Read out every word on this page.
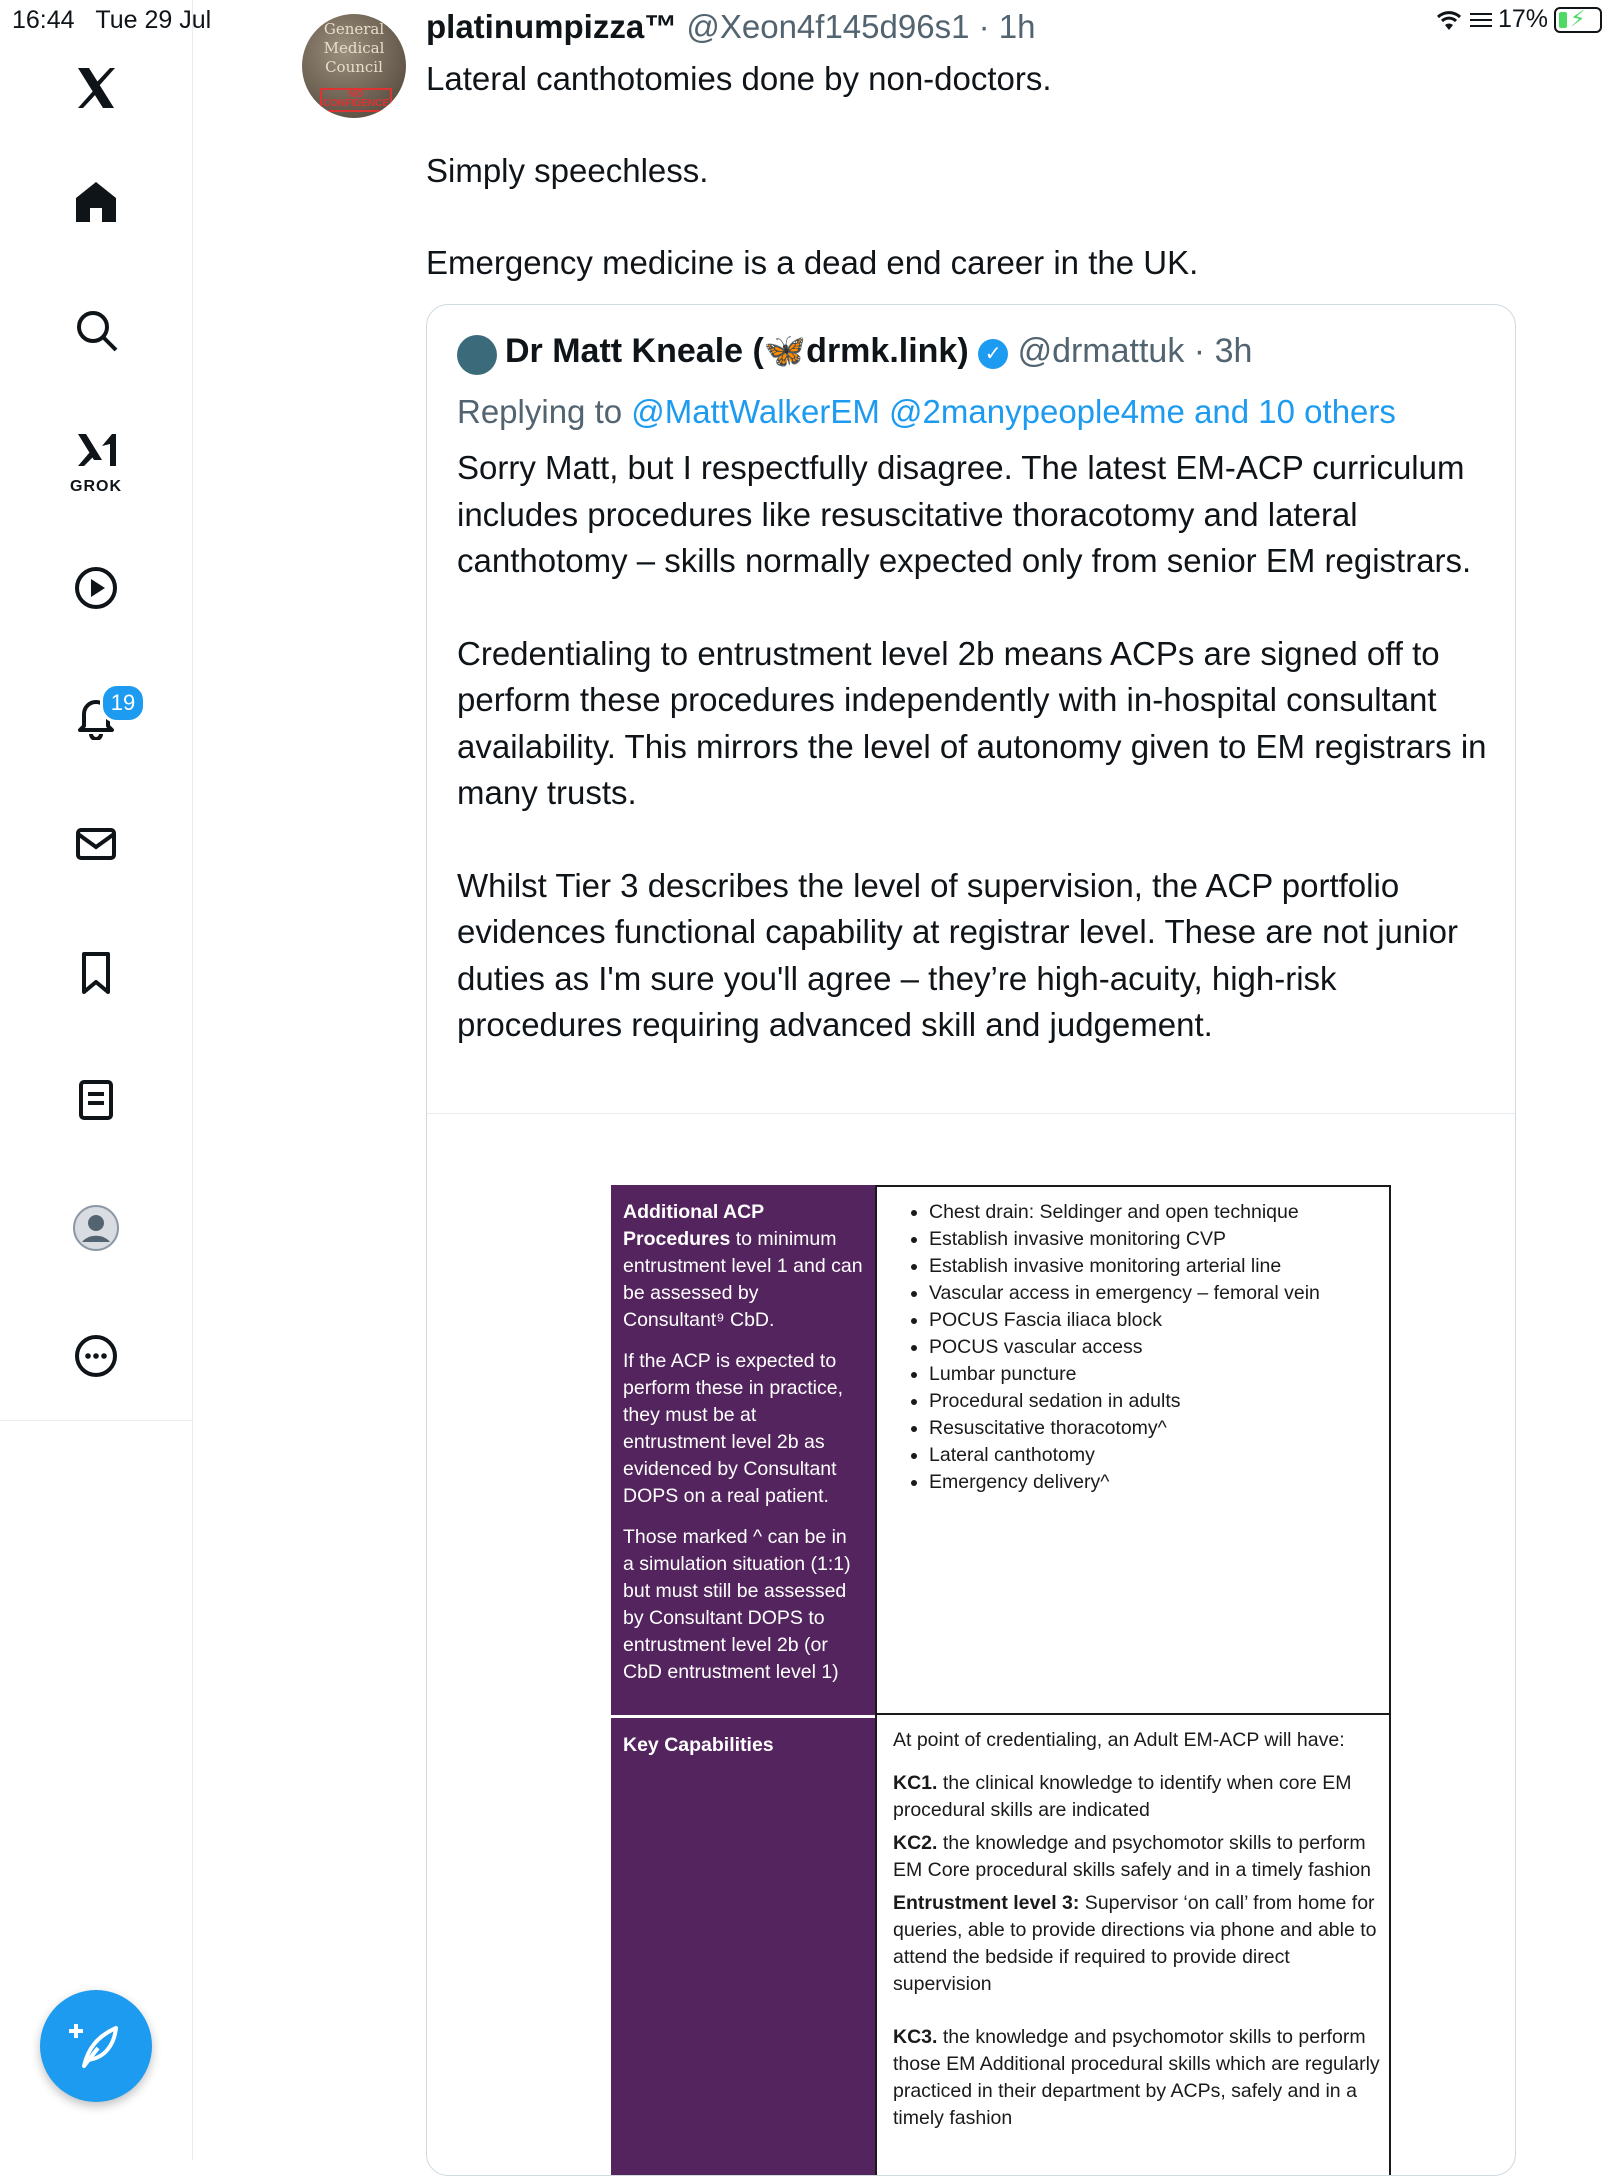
16:44 Tue 29 Jul	17% ⚡
GROK
19
General
Medical
Council
NO CONFIDENCE
platinumpizza™ @Xeon4f145d96s1 · 1h

Lateral canthotomies done by non-doctors.

Simply speechless.

Emergency medicine is a dead end career in the UK.

Dr Matt Kneale (🦋drmk.link) ✓ @drmattuk · 3h
Replying to @MattWalkerEM @2manypeople4me and 10 others

Sorry Matt, but I respectfully disagree. The latest EM-ACP curriculum includes procedures like resuscitative thoracotomy and lateral canthotomy – skills normally expected only from senior EM registrars.

Credentialing to entrustment level 2b means ACPs are signed off to perform these procedures independently with in-hospital consultant availability. This mirrors the level of autonomy given to EM registrars in many trusts.

Whilst Tier 3 describes the level of supervision, the ACP portfolio evidences functional capability at registrar level. These are not junior duties as I'm sure you'll agree – they’re high-acuity, high-risk procedures requiring advanced skill and judgement.

Additional ACP Procedures to minimum entrustment level 1 and can be assessed by Consultant⁹ CbD.

If the ACP is expected to perform these in practice, they must be at entrustment level 2b as evidenced by Consultant DOPS on a real patient.

Those marked ^ can be in a simulation situation (1:1) but must still be assessed by Consultant DOPS to entrustment level 2b (or CbD entrustment level 1)

• Chest drain: Seldinger and open technique
• Establish invasive monitoring CVP
• Establish invasive monitoring arterial line
• Vascular access in emergency – femoral vein
• POCUS Fascia iliaca block
• POCUS vascular access
• Lumbar puncture
• Procedural sedation in adults
• Resuscitative thoracotomy^
• Lateral canthotomy
• Emergency delivery^
Key Capabilities	At point of credentialing, an Adult EM-ACP will have:

KC1. the clinical knowledge to identify when core EM procedural skills are indicated

KC2. the knowledge and psychomotor skills to perform EM Core procedural skills safely and in a timely fashion

Entrustment level 3: Supervisor ‘on call’ from home for queries, able to provide directions via phone and able to attend the bedside if required to provide direct supervision

KC3. the knowledge and psychomotor skills to perform those EM Additional procedural skills which are regularly practiced in their department by ACPs, safely and in a timely fashion
